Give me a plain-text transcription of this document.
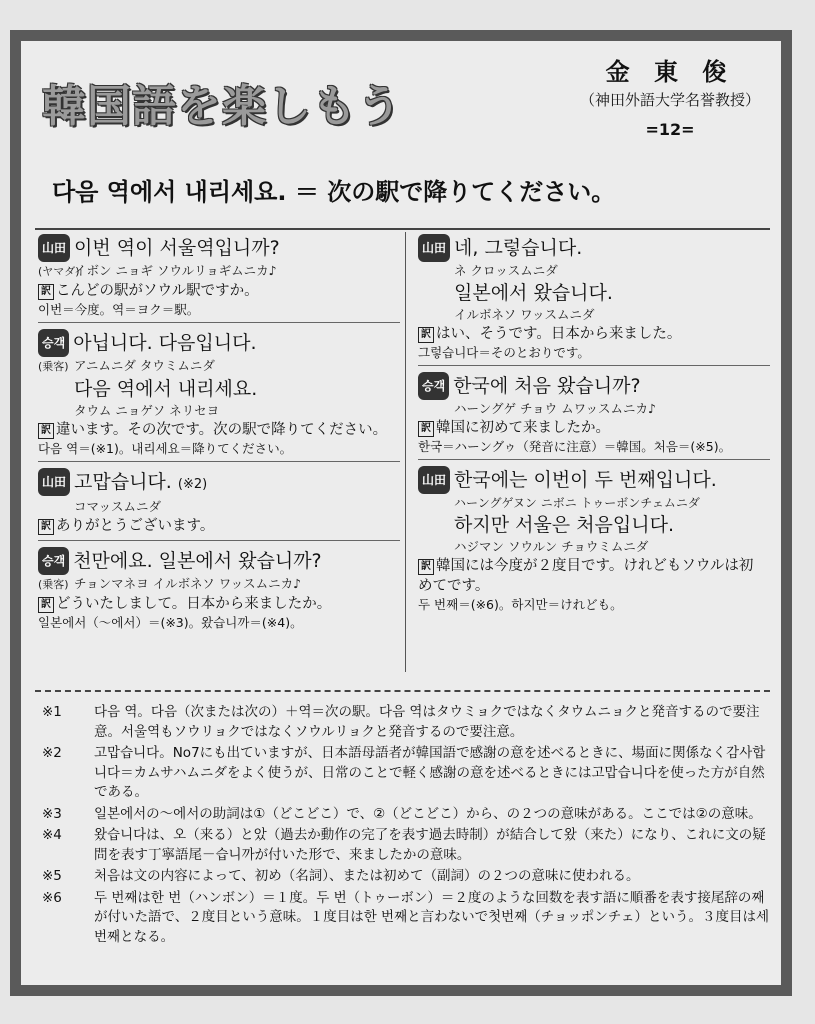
韓国語を楽しもう
金 東 俊
（神田外語大学名誉教授）
=12=
다음 역에서 내리세요. ＝ 次の駅で降りてください。
山田 이번 역이 서울역입니까?
(ヤマダ)イボン ニョギ ソウルリョギムニカ♪
訳 こんどの駅がソウル駅ですか。
이번＝今度。역＝ヨク＝駅。
승객 아닙니다. 다음입니다.
(乗客) アニムニダ タウミムニダ
다음 역에서 내리세요.
タウム ニョゲソ ネリセヨ
訳 違います。その次です。次の駅で降りてください。
다음 역＝(※1)。내리세요＝降りてください。
山田 고맙습니다. (※2)
コマッスムニダ
訳 ありがとうございます。
승객 천만에요. 일본에서 왔습니까?
(乗客) チョンマネヨ イルボネソ ワッスムニカ♪
訳 どういたしまして。日本から来ましたか。
일본에서（～에서）＝(※3)。왔습니까＝(※4)。
山田 네, 그렇습니다.
ネ クロッスムニダ
일본에서 왔습니다.
イルボネソ ワッスムニダ
訳 はい、そうです。日本から来ました。
그렇습니다＝そのとおりです。
승객 한국에 처음 왔습니까?
ハーングゲ チョウ ムワッスムニカ♪
訳 韓国に初めて来ましたか。
한국＝ハーングゥ（発音に注意）＝韓国。처음＝(※5)。
山田 한국에는 이번이 두 번째입니다.
ハーングゲヌン ニボニ トゥーボンチェムニダ
하지만 서울은 처음입니다.
ハジマン ソウルン チョウミムニダ
訳 韓国には今度が２度目です。けれどもソウルは初めてです。
두 번째＝(※6)。하지만＝けれども。
※1	다음 역。다음（次または次の）＋역＝次の駅。다음 역はタウミョクではなくタウムニョクと発音するので要注意。서울역もソウリョクではなくソウルリョクと発音するので要注意。
※2	고맙습니다。No7にも出ていますが、日本語母語者が韓国語で感謝の意を述べるときに、場面に関係なく감사합니다＝カムサハムニダをよく使うが、日常のことで軽く感謝の意を述べるときには고맙습니다を使った方が自然である。
※3	일본에서の～에서の助詞は①（どこどこ）で、②（どこどこ）から、の２つの意味がある。ここでは②の意味。
※4	왔습니다は、오（来る）と았（過去か動作の完了を表す過去時制）が結合して왔（来た）になり、これに文の疑問を表す丁寧語尾－습니까が付いた形で、来ましたかの意味。
※5	처음は文の内容によって、初め（名詞）、または初めて（副詞）の２つの意味に使われる。
※6	두 번째は한 번（ハンボン）＝１度。두 번（トゥーボン）＝２度のような回数を表す語に順番を表す接尾辞の째が付いた語で、２度目という意味。１度目は한 번째と言わないで첫번째（チョッポンチェ）という。３度目は세 번째となる。
